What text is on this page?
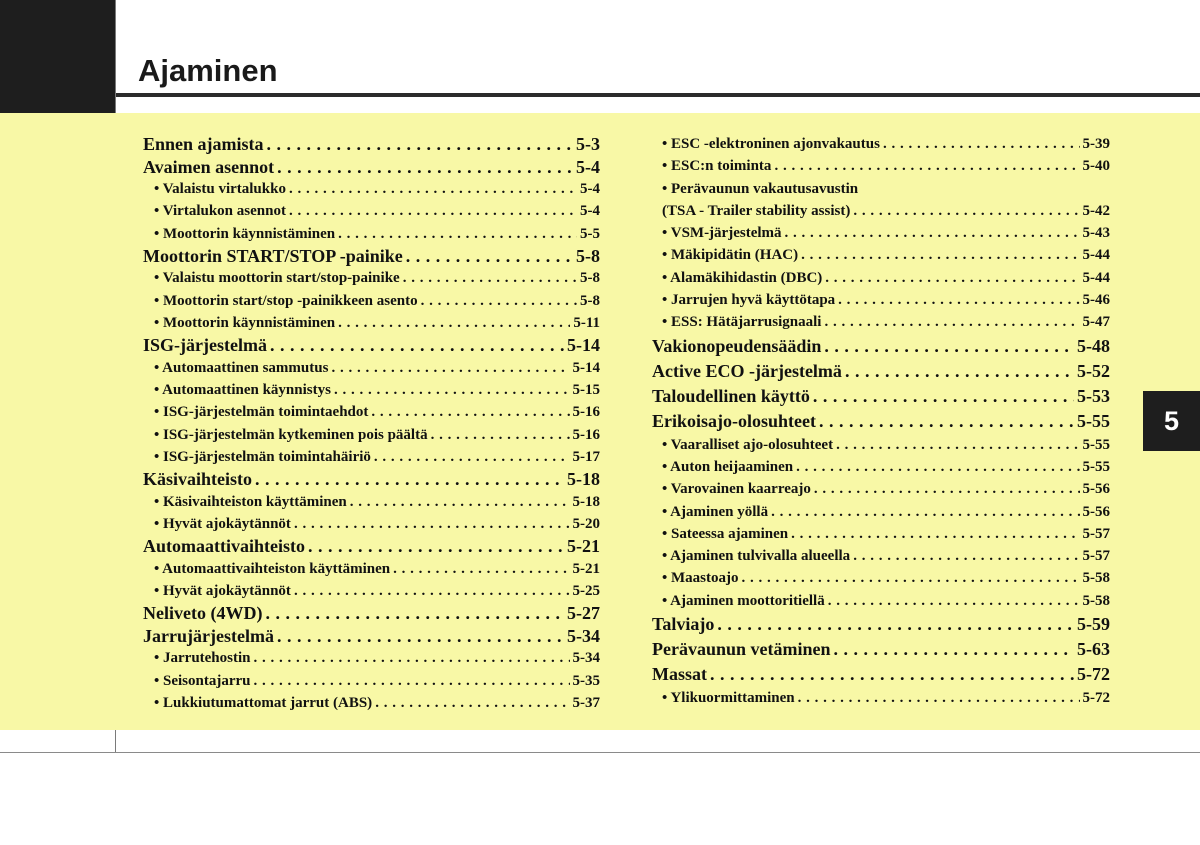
Ajaminen
Ennen ajamista . . .	5-3
Avaimen asennot . . .	5-4
• Valaistu virtalukko . . .	5-4
• Virtalukon asennot . . .	5-4
• Moottorin käynnistäminen . . .	5-5
Moottorin START/STOP -painike . . .	5-8
• Valaistu moottorin start/stop-painike . . .	5-8
• Moottorin start/stop -painikkeen asento . . .	5-8
• Moottorin käynnistäminen . . .	5-11
ISG-järjestelmä . . .	5-14
• Automaattinen sammutus . . .	5-14
• Automaattinen käynnistys . . .	5-15
• ISG-järjestelmän toimintaehdot . . .	5-16
• ISG-järjestelmän kytkeminen pois päältä . . .	5-16
• ISG-järjestelmän toimintahäiriö . . .	5-17
Käsivaihteisto . . .	5-18
• Käsivaihteiston käyttäminen . . .	5-18
• Hyvät ajokäytännöt . . .	5-20
Automaattivaihteisto . . .	5-21
• Automaattivaihteiston käyttäminen . . .	5-21
• Hyvät ajokäytännöt . . .	5-25
Neliveto (4WD) . . .	5-27
Jarrujärjestelmä . . .	5-34
• Jarrutehostin . . .	5-34
• Seisontajarru . . .	5-35
• Lukkiutumattomat jarrut (ABS) . . .	5-37
• ESC -elektroninen ajonvakautus . . .	5-39
• ESC:n toiminta . . .	5-40
• Perävaunun vakautusavustin
(TSA - Trailer stability assist) . . .	5-42
• VSM-järjestelmä . . .	5-43
• Mäkipidätin (HAC) . . .	5-44
• Alamäkihidastin (DBC) . . .	5-44
• Jarrujen hyvä käyttötapa . . .	5-46
• ESS: Hätäjarrusignaali . . .	5-47
Vakionopeudensäädin . . .	5-48
Active ECO -järjestelmä . . .	5-52
Taloudellinen käyttö . . .	5-53
Erikoisajo-olosuhteet . . .	5-55
• Vaaralliset ajo-olosuhteet . . .	5-55
• Auton heijaaminen . . .	5-55
• Varovainen kaarreajo . . .	5-56
• Ajaminen yöllä . . .	5-56
• Sateessa ajaminen . . .	5-57
• Ajaminen tulvivalla alueella . . .	5-57
• Maastoajo . . .	5-58
• Ajaminen moottoritiellä . . .	5-58
Talviajo . . .	5-59
Perävaunun vetäminen . . .	5-63
Massat . . .	5-72
• Ylikuormittaminen . . .	5-72
5
